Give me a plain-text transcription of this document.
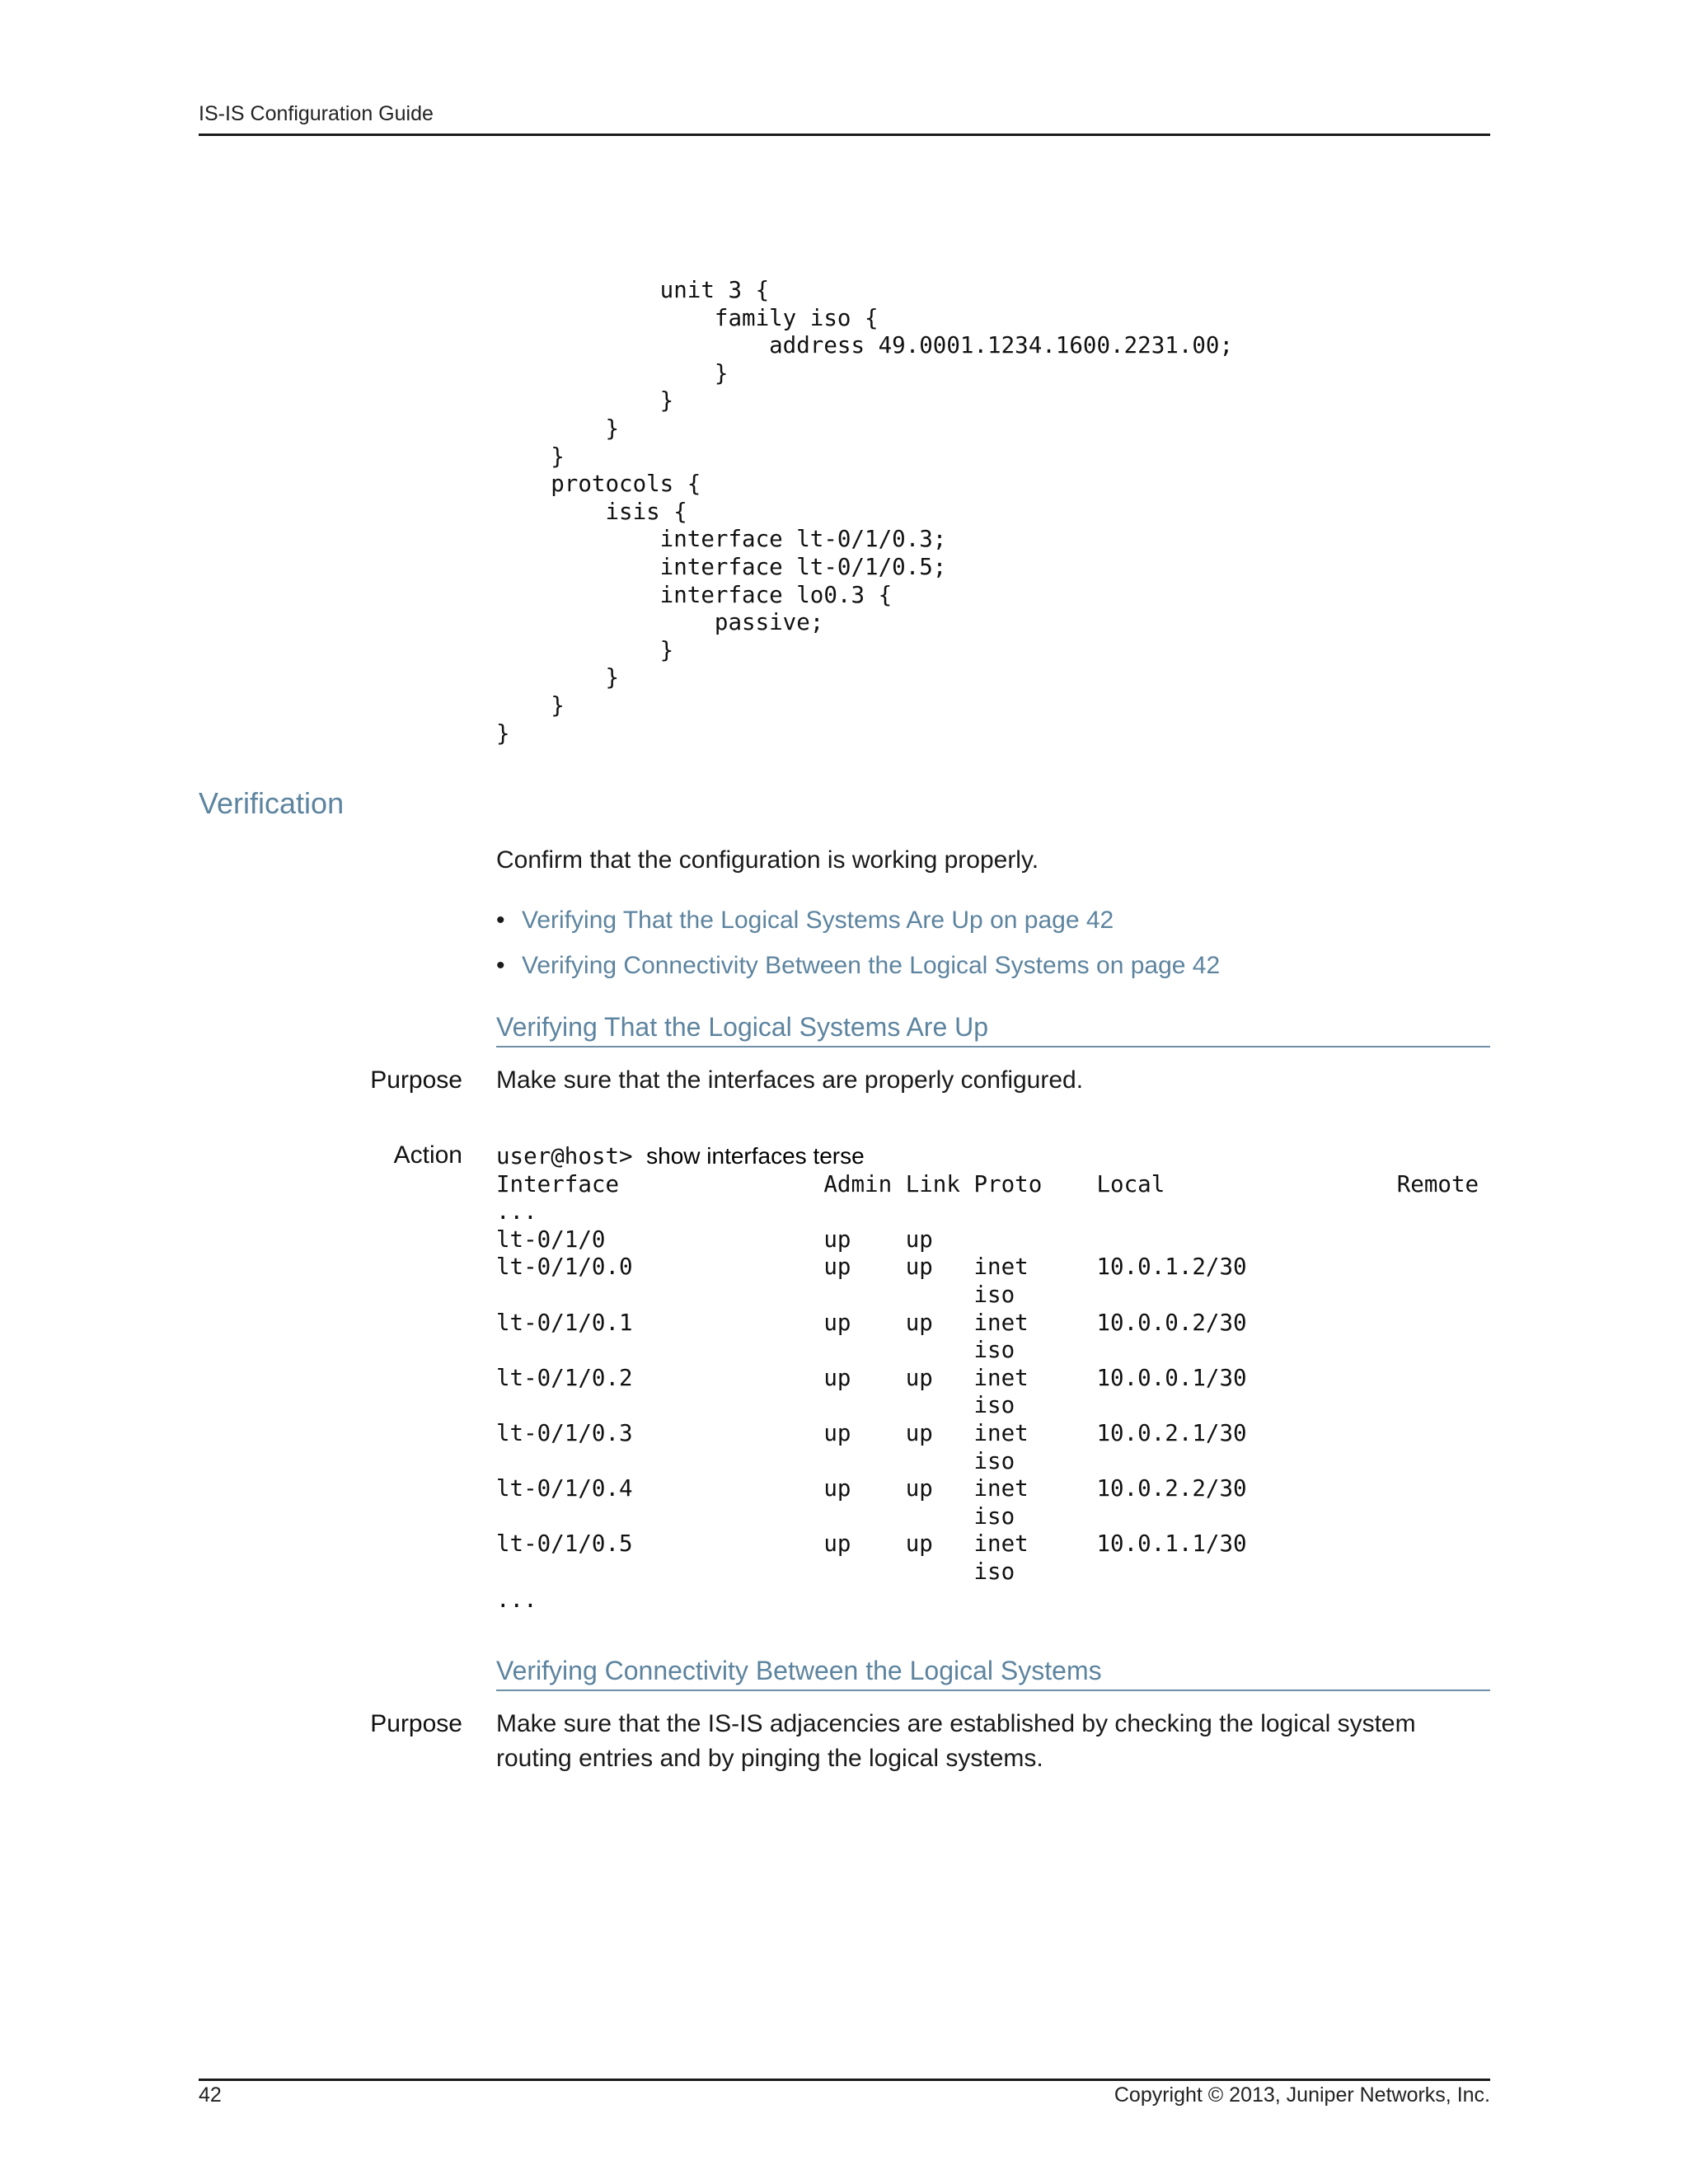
IS-IS Configuration Guide
unit 3 {
family iso {
address 49.0001.1234.1600.2231.00;
}
}
}
}
protocols {
isis {
interface lt-0/1/0.3;
interface lt-0/1/0.5;
interface lo0.3 {
passive;
}
}
}
}
Verification

Confirm that the configuration is working properly.

• Verifying That the Logical Systems Are Up on page 42
• Verifying Connectivity Between the Logical Systems on page 42
Verifying That the Logical Systems Are Up

Purpose Make sure that the interfaces are properly configured.

Action user@host> show interfaces terse
Interface               Admin Link Proto    Local                 Remote
...
lt-0/1/0                up    up
lt-0/1/0.0              up    up   inet     10.0.1.2/30
iso
lt-0/1/0.1              up    up   inet     10.0.0.2/30
iso
lt-0/1/0.2              up    up   inet     10.0.0.1/30
iso
lt-0/1/0.3              up    up   inet     10.0.2.1/30
iso
lt-0/1/0.4              up    up   inet     10.0.2.2/30
iso
lt-0/1/0.5              up    up   inet     10.0.1.1/30
iso
...
Verifying Connectivity Between the Logical Systems

Purpose Make sure that the IS-IS adjacencies are established by checking the logical system routing entries and by pinging the logical systems.

42	Copyright © 2013, Juniper Networks, Inc.
